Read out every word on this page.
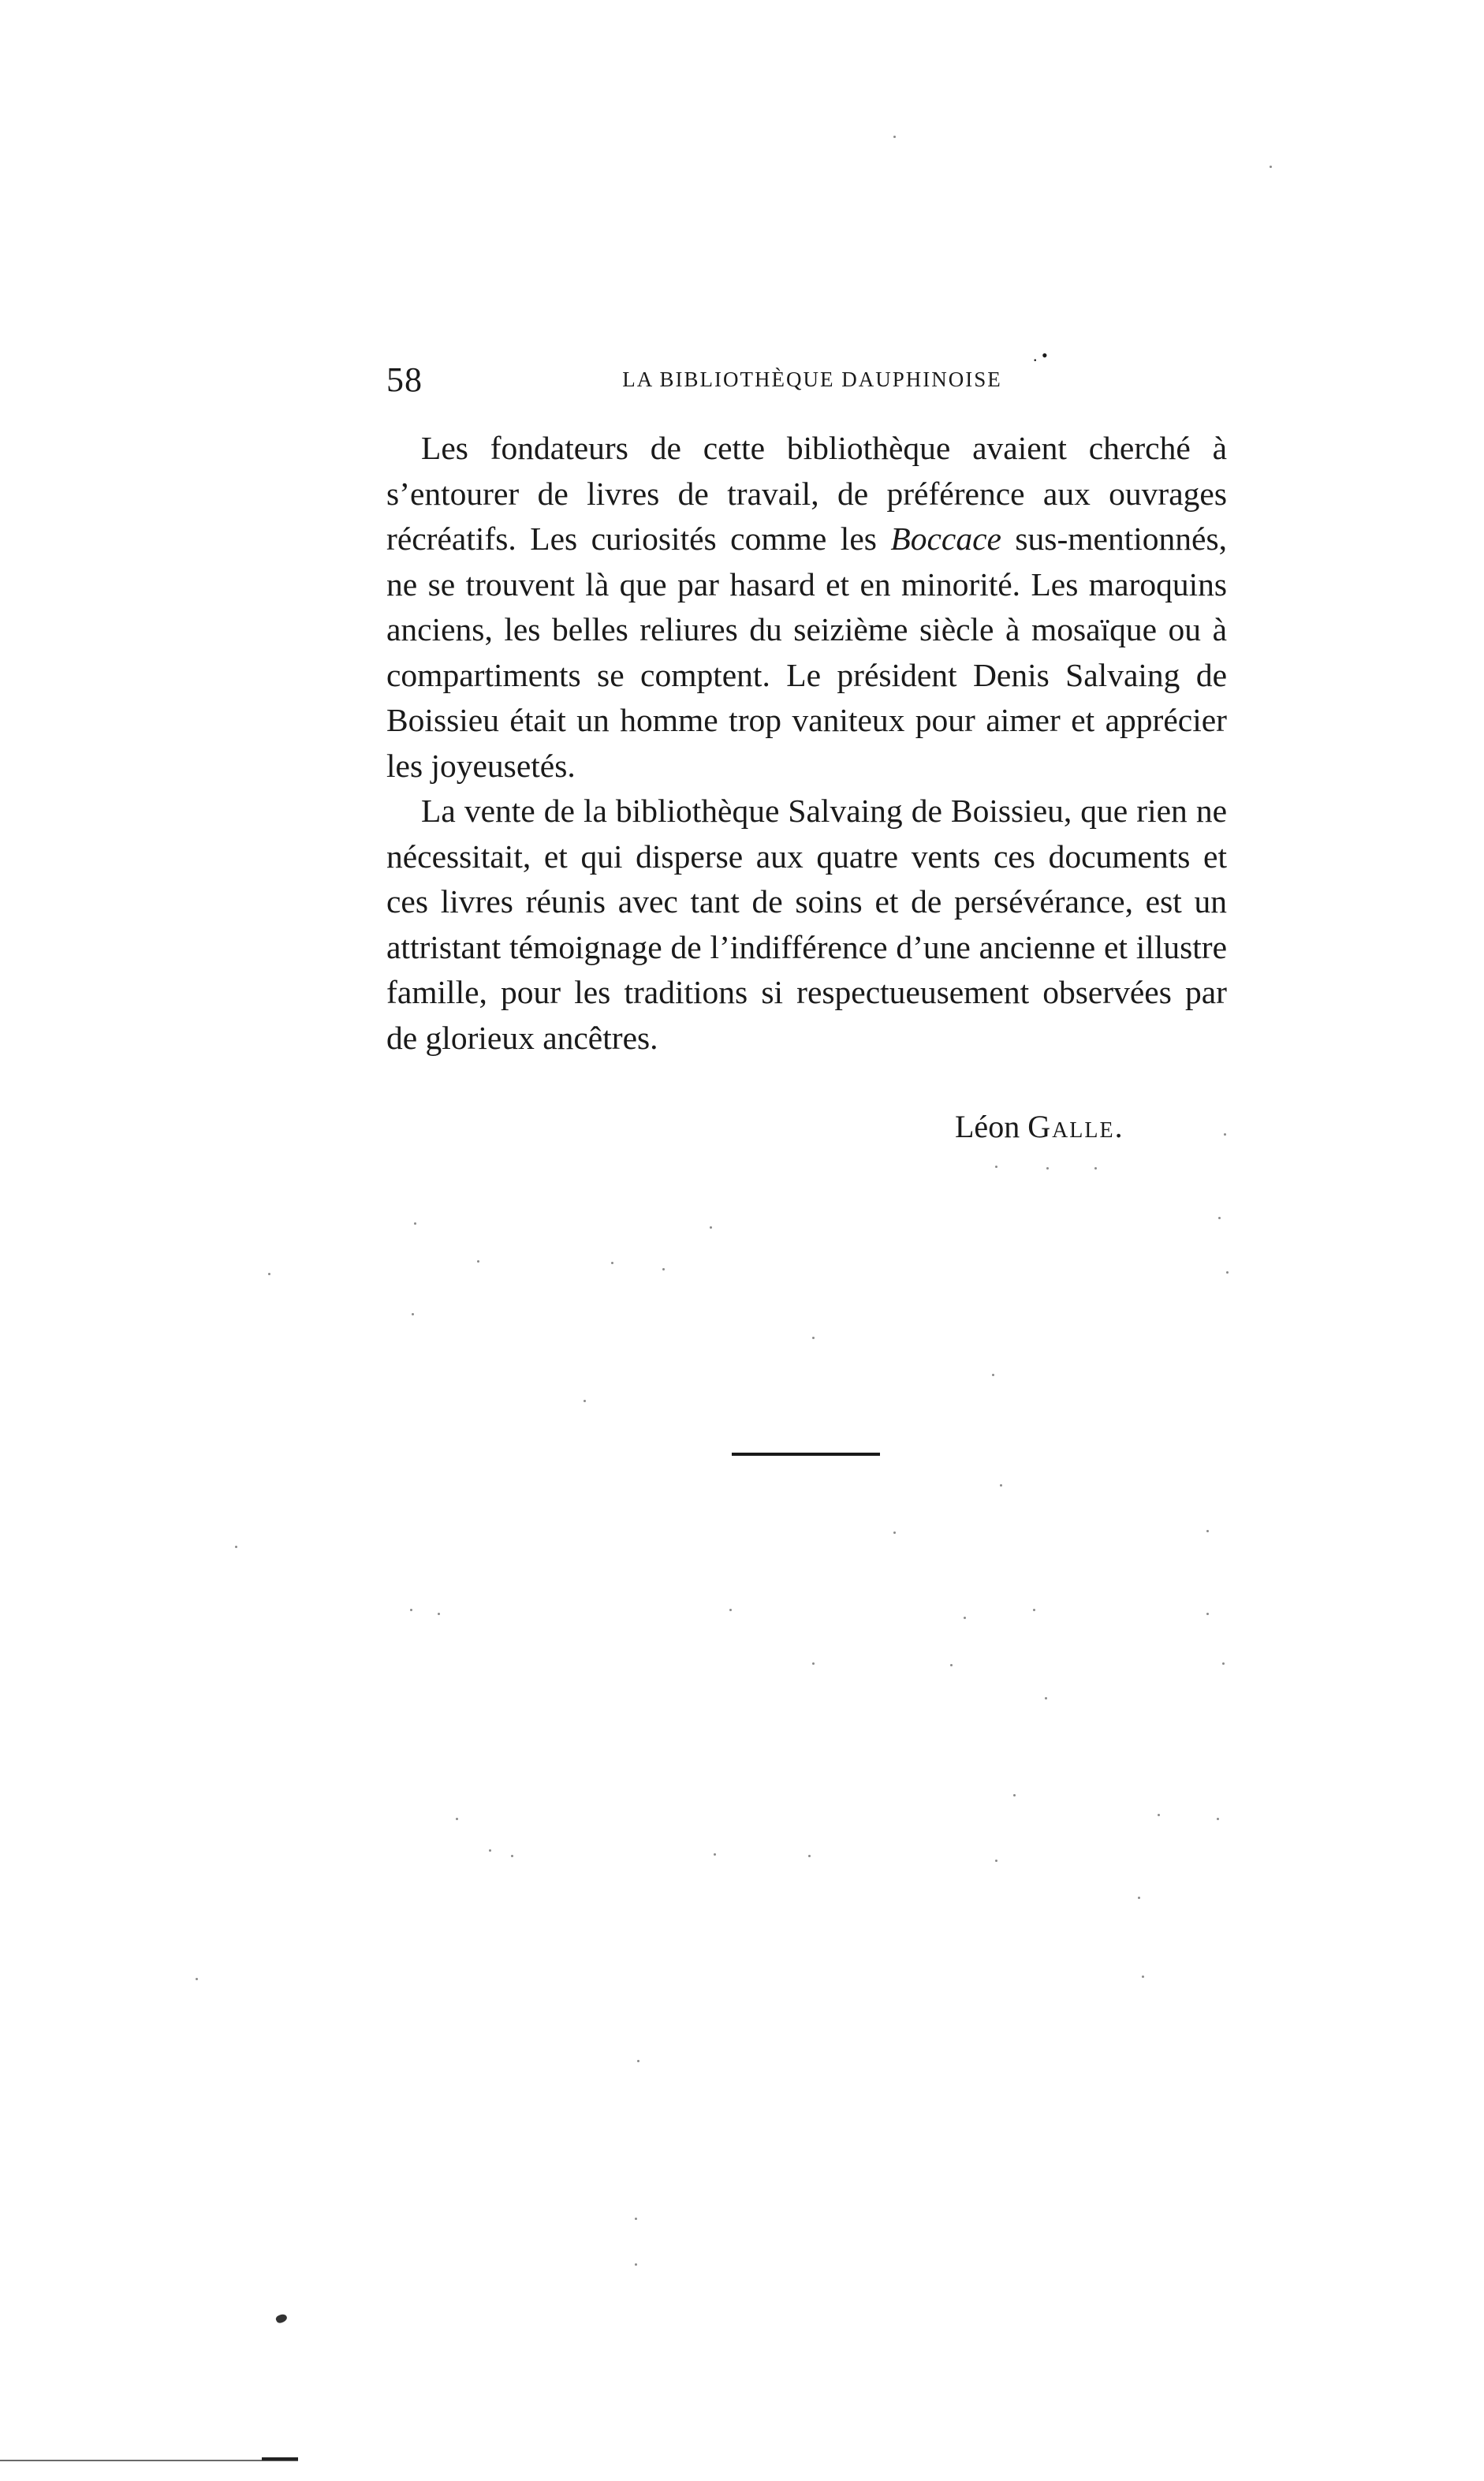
58
. •
LA BIBLIOTHÈQUE DAUPHINOISE

Les fondateurs de cette bibliothèque avaient cherché à s’entourer de livres de travail, de préférence aux ouvrages récréatifs. Les curiosités comme les Boccace sus-mentionnés, ne se trouvent là que par hasard et en minorité. Les maroquins anciens, les belles reliures du seizième siècle à mosaïque ou à compartiments se comptent. Le président Denis Salvaing de Boissieu était un homme trop vaniteux pour aimer et apprécier les joyeusetés.

La vente de la bibliothèque Salvaing de Boissieu, que rien ne nécessitait, et qui disperse aux quatre vents ces documents et ces livres réunis avec tant de soins et de persévérance, est un attristant témoignage de l’indifférence d’une ancienne et illustre famille, pour les traditions si respectueusement observées par de glorieux ancêtres.

Léon Galle.
